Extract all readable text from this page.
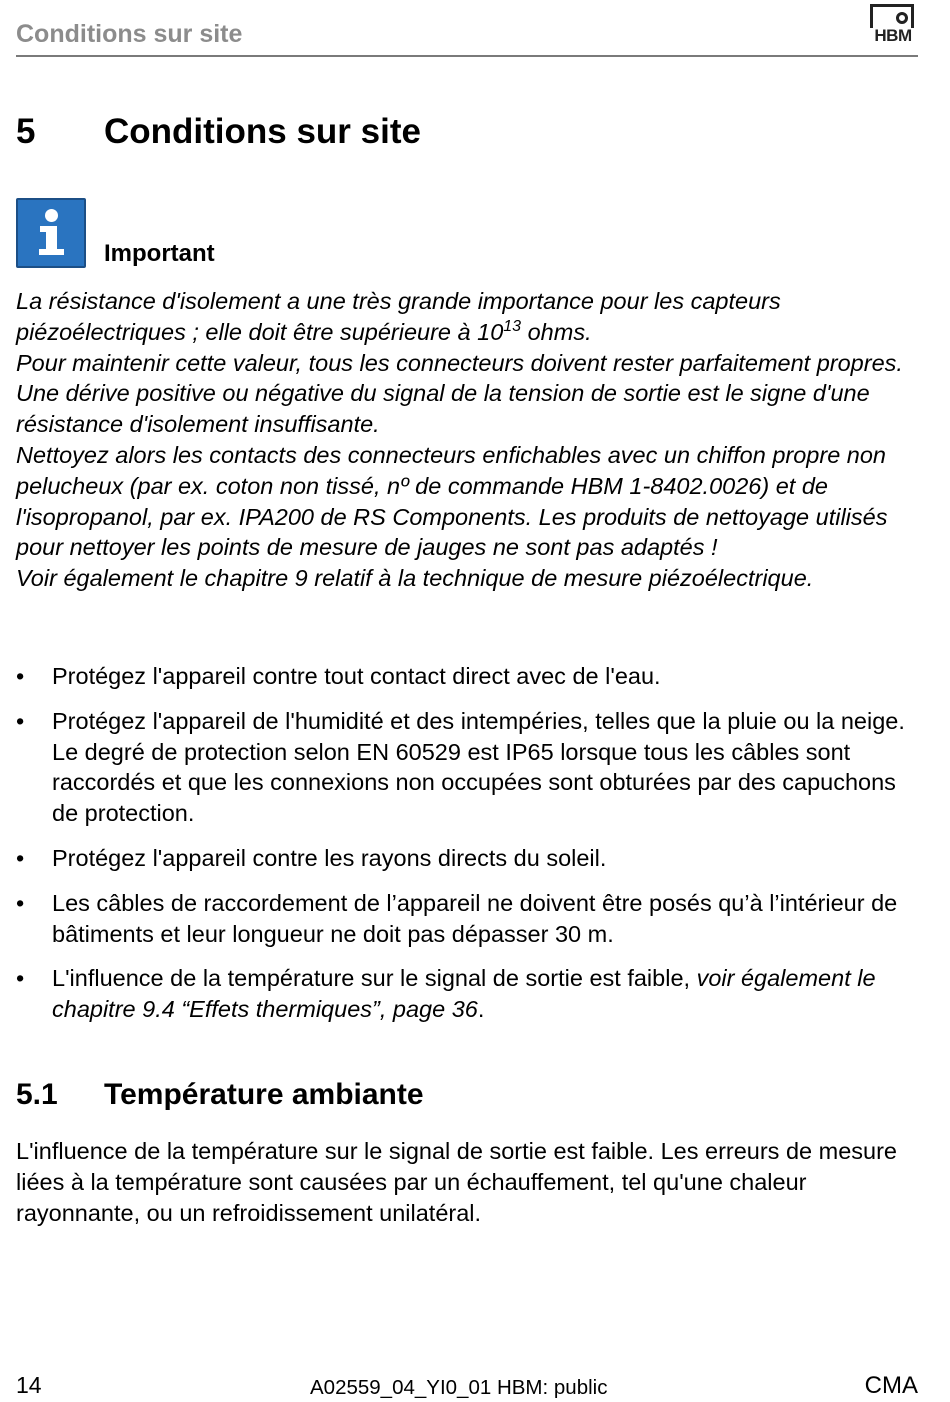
Conditions sur site	HBM
5 Conditions sur site
Important

La résistance d'isolement a une très grande importance pour les capteurs piézoélectriques ; elle doit être supérieure à $10^{13}$ ohms.

Pour maintenir cette valeur, tous les connecteurs doivent rester parfaitement propres. Une dérive positive ou négative du signal de la tension de sortie est le signe d'une résistance d'isolement insuffisante.

Nettoyez alors les contacts des connecteurs enfichables avec un chiffon propre non pelucheux (par ex. coton non tissé, nº de commande HBM 1-8402.0026) et de l'isopropanol, par ex. IPA200 de RS Components. Les produits de nettoyage utilisés pour nettoyer les points de mesure de jauges ne sont pas adaptés !

Voir également le chapitre 9 relatif à la technique de mesure piézoélectrique.

• Protégez l'appareil contre tout contact direct avec de l'eau.
• Protégez l'appareil de l'humidité et des intempéries, telles que la pluie ou la neige. Le degré de protection selon EN 60529 est IP65 lorsque tous les câbles sont raccordés et que les connexions non occupées sont obturées par des capuchons de protection.
• Protégez l'appareil contre les rayons directs du soleil.
• Les câbles de raccordement de l’appareil ne doivent être posés qu’à l’intérieur de bâtiments et leur longueur ne doit pas dépasser 30 m.
• L'influence de la température sur le signal de sortie est faible, voir également le chapitre 9.4 “Effets thermiques”, page 36.
5.1 Température ambiante

L'influence de la température sur le signal de sortie est faible. Les erreurs de mesure liées à la température sont causées par un échauffement, tel qu'une chaleur rayonnante, ou un refroidissement unilatéral.

14	A02559_04_YI0_01 HBM: public	CMA
